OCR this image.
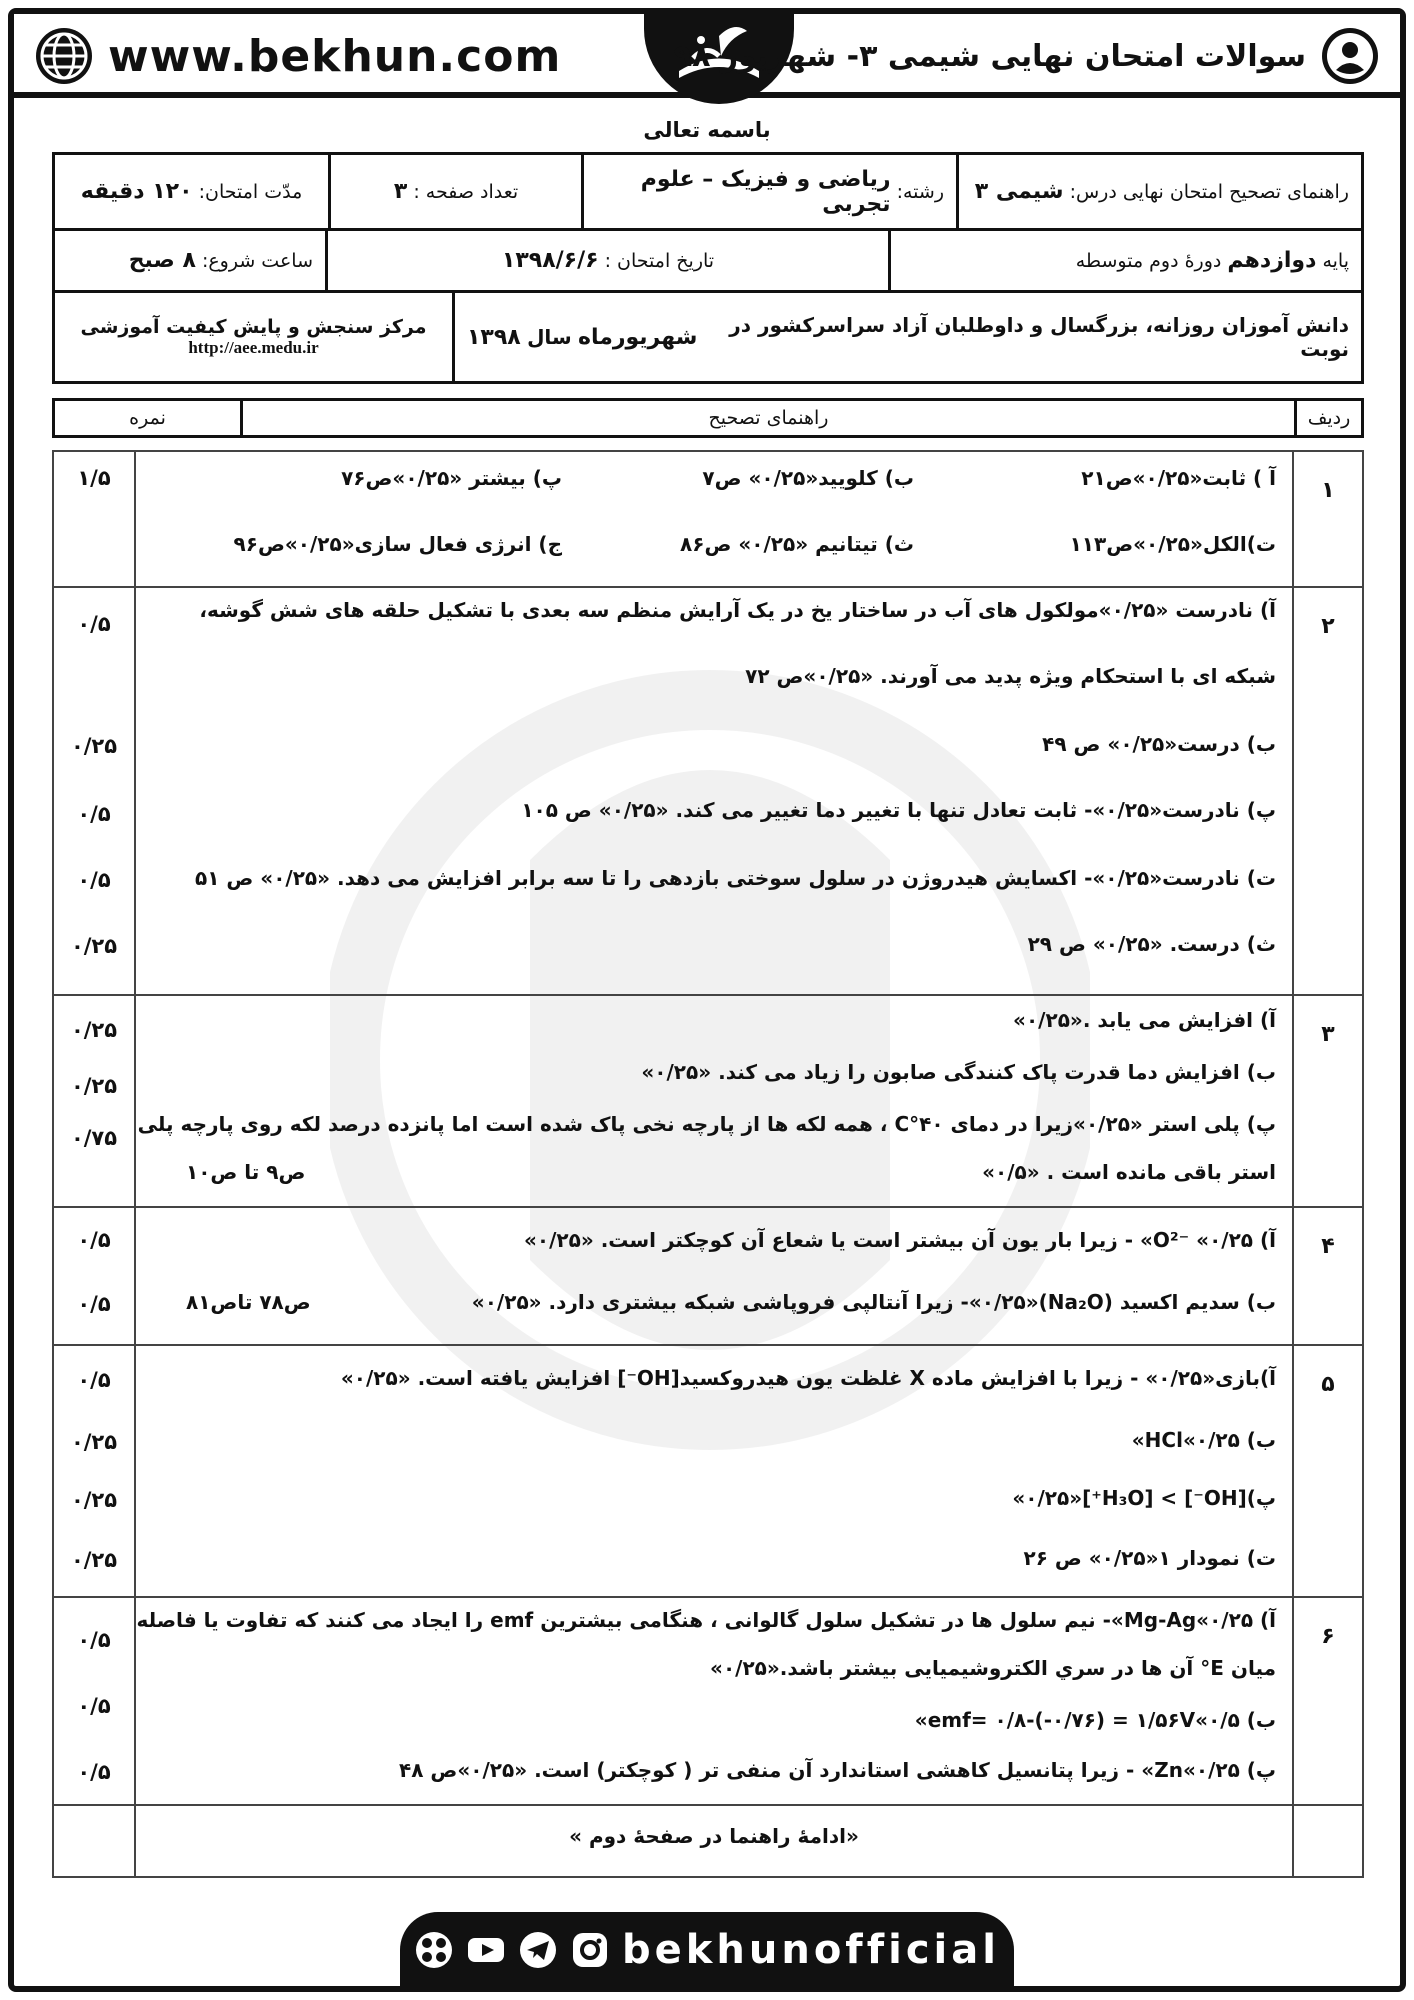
www.bekhun.com	سوالات امتحان نهایی شیمی ۳- شهریور ۹۸
باسمه تعالی
راهنمای تصحیح امتحان نهایی درس:

شیمی ۳
رشته:

ریاضی و فیزیک – علوم تجربی
تعداد صفحه :

۳
مدّت امتحان:

۱۲۰ دقیقه
پایه

دوازدهم

دورهٔ دوم متوسطه
تاریخ امتحان :

۱۳۹۸/۶/۶
ساعت شروع:

۸ صبح
دانش آموزان روزانه، بزرگسال و داوطلبان آزاد سراسرکشور در نوبت

شهریورماه

سال

۱۳۹۸
مرکز سنجش و پایش کیفیت آموزشی
http://aee.medu.ir
ردیف
راهنمای تصحیح
نمره
۱
۱/۵	آ ) ثابت«۰/۲۵»ص۲۱
ب) کلویید«۰/۲۵» ص۷
پ) بیشتر «۰/۲۵»ص۷۶
ت)الکل«۰/۲۵»ص۱۱۳
ث) تیتانیم «۰/۲۵» ص۸۶
ج) انرژی فعال سازی«۰/۲۵»ص۹۶
۲
۰/۵
۰/۲۵
۰/۵
۰/۵
۰/۲۵
آ) نادرست «۰/۲۵»مولکول های آب در ساختار یخ در یک آرایش منظم سه بعدی با تشکیل حلقه های شش گوشه،
شبکه ای با استحکام ویژه پدید می آورند. «۰/۲۵»ص ۷۲
ب) درست«۰/۲۵» ص ۴۹
پ) نادرست«۰/۲۵»- ثابت تعادل تنها با تغییر دما تغییر می کند. «۰/۲۵» ص ۱۰۵
ت) نادرست«۰/۲۵»- اکسایش هیدروژن در سلول سوختی بازدهی را تا سه برابر افزایش می دهد. «۰/۲۵» ص ۵۱
ث) درست. «۰/۲۵» ص ۲۹
۳
۰/۲۵
۰/۲۵
۰/۷۵
آ) افزایش می یابد .«۰/۲۵»
ب) افزایش دما قدرت پاک کنندگی صابون را زیاد می کند. «۰/۲۵»
پ) پلی استر «۰/۲۵»زیرا در دمای ۴۰°C ، همه لکه ها از پارچه نخی پاک شده است اما پانزده درصد لکه روی پارچه پلی
استر باقی مانده است . «۰/۵»
ص۹ تا ص۱۰
۴
۰/۵
۰/۵
آ) O²⁻ «۰/۲۵» - زیرا بار یون آن بیشتر است یا شعاع آن کوچکتر است. «۰/۲۵»
ب) سدیم اکسید (Na₂O)«۰/۲۵»- زیرا آنتالپی فروپاشی شبکه بیشتری دارد. «۰/۲۵»
ص۷۸ تاص۸۱
۵
۰/۵
۰/۲۵
۰/۲۵
۰/۲۵
آ)بازی«۰/۲۵» - زیرا با افزایش ماده X غلظت یون هیدروکسید[OH⁻] افزایش یافته است. «۰/۲۵»
ب) HCl«۰/۲۵»
پ)[OH⁻] > [H₃O⁺]«۰/۲۵»
ت) نمودار ۱«۰/۲۵» ص ۲۶
۶
۰/۵
۰/۵
۰/۵
آ) Mg-Ag«۰/۲۵»- نیم سلول ها در تشکیل سلول گالوانی ، هنگامی بیشترین emf را ایجاد می کنند که تفاوت یا فاصله
میان E° آن ها در سري الکتروشیمیایی بیشتر باشد.«۰/۲۵»
ب) emf= ۰/۸-(-۰/۷۶) = ۱/۵۶V«۰/۵»
پ) Zn«۰/۲۵» - زیرا پتانسیل کاهشی استاندارد آن منفی تر ( کوچکتر) است. «۰/۲۵»ص ۴۸
«ادامهٔ راهنما در صفحهٔ دوم »
bekhunofficial
